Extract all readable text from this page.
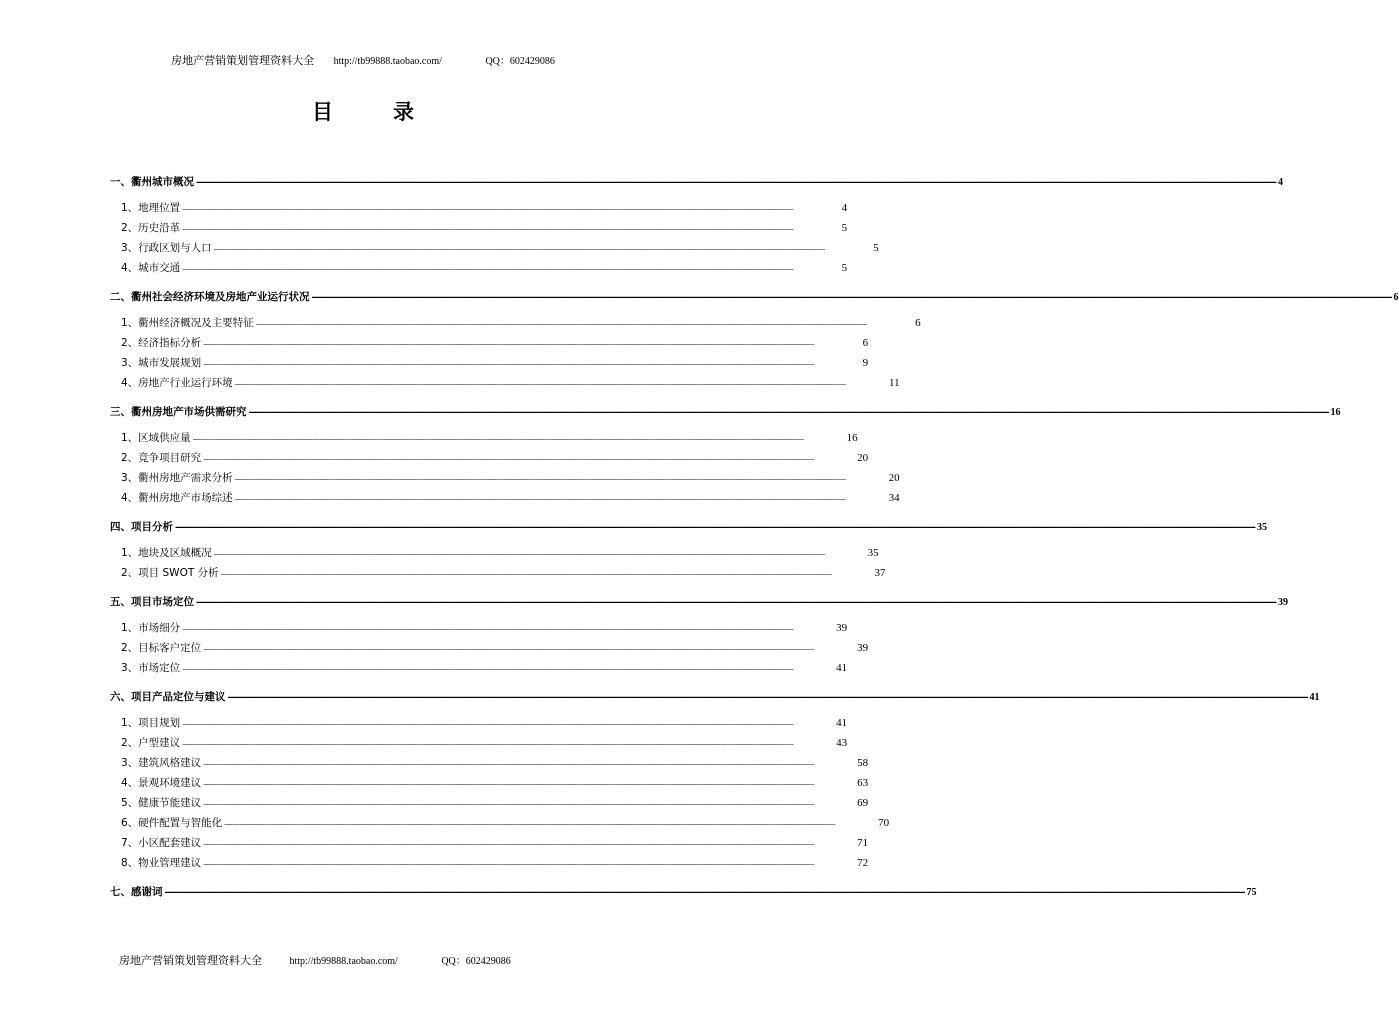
房地产营销策划管理资料大全 http://tb99888.taobao.com/	QQ：602429086
目录
一、衢州城市概况 ———————————————————————————————————————————————————————————————————————————————————————————————————————————————————————— 4
1、地理位置 ----------------------------------------------------------------------------------------------------------------------------------------------------------------------------------------------------------------------------------------------------------------------------------------------------------------------------------------------------------------------------------------------------------------	4
2、历史沿革 ----------------------------------------------------------------------------------------------------------------------------------------------------------------------------------------------------------------------------------------------------------------------------------------------------------------------------------------------------------------------------------------------------------------	5
3、行政区划与人口 ----------------------------------------------------------------------------------------------------------------------------------------------------------------------------------------------------------------------------------------------------------------------------------------------------------------------------------------------------------------------------------------------------------------	5
4、城市交通 ----------------------------------------------------------------------------------------------------------------------------------------------------------------------------------------------------------------------------------------------------------------------------------------------------------------------------------------------------------------------------------------------------------------	5
二、衢州社会经济环境及房地产业运行状况 ———————————————————————————————————————————————————————————————————————————————————————————————————————————————————————— 6
1、衢州经济概况及主要特征 ----------------------------------------------------------------------------------------------------------------------------------------------------------------------------------------------------------------------------------------------------------------------------------------------------------------------------------------------------------------------------------------------------------------	6
2、经济指标分析 ----------------------------------------------------------------------------------------------------------------------------------------------------------------------------------------------------------------------------------------------------------------------------------------------------------------------------------------------------------------------------------------------------------------	6
3、城市发展规划 ----------------------------------------------------------------------------------------------------------------------------------------------------------------------------------------------------------------------------------------------------------------------------------------------------------------------------------------------------------------------------------------------------------------	9
4、房地产行业运行环境 ----------------------------------------------------------------------------------------------------------------------------------------------------------------------------------------------------------------------------------------------------------------------------------------------------------------------------------------------------------------------------------------------------------------	11
三、衢州房地产市场供需研究 ———————————————————————————————————————————————————————————————————————————————————————————————————————————————————————— 16
1、区域供应量 ----------------------------------------------------------------------------------------------------------------------------------------------------------------------------------------------------------------------------------------------------------------------------------------------------------------------------------------------------------------------------------------------------------------	16
2、竞争项目研究 ----------------------------------------------------------------------------------------------------------------------------------------------------------------------------------------------------------------------------------------------------------------------------------------------------------------------------------------------------------------------------------------------------------------	20
3、衢州房地产需求分析 ----------------------------------------------------------------------------------------------------------------------------------------------------------------------------------------------------------------------------------------------------------------------------------------------------------------------------------------------------------------------------------------------------------------	20
4、衢州房地产市场综述 ----------------------------------------------------------------------------------------------------------------------------------------------------------------------------------------------------------------------------------------------------------------------------------------------------------------------------------------------------------------------------------------------------------------	34
四、项目分析 ———————————————————————————————————————————————————————————————————————————————————————————————————————————————————————— 35
1、地块及区域概况 ----------------------------------------------------------------------------------------------------------------------------------------------------------------------------------------------------------------------------------------------------------------------------------------------------------------------------------------------------------------------------------------------------------------	35
2、项目 SWOT 分析 ----------------------------------------------------------------------------------------------------------------------------------------------------------------------------------------------------------------------------------------------------------------------------------------------------------------------------------------------------------------------------------------------------------------	37
五、项目市场定位 ———————————————————————————————————————————————————————————————————————————————————————————————————————————————————————— 39
1、市场细分 ----------------------------------------------------------------------------------------------------------------------------------------------------------------------------------------------------------------------------------------------------------------------------------------------------------------------------------------------------------------------------------------------------------------	39
2、目标客户定位 ----------------------------------------------------------------------------------------------------------------------------------------------------------------------------------------------------------------------------------------------------------------------------------------------------------------------------------------------------------------------------------------------------------------	39
3、市场定位 ----------------------------------------------------------------------------------------------------------------------------------------------------------------------------------------------------------------------------------------------------------------------------------------------------------------------------------------------------------------------------------------------------------------	41
六、项目产品定位与建议 ———————————————————————————————————————————————————————————————————————————————————————————————————————————————————————— 41
1、项目规划 ----------------------------------------------------------------------------------------------------------------------------------------------------------------------------------------------------------------------------------------------------------------------------------------------------------------------------------------------------------------------------------------------------------------	41
2、户型建议 ----------------------------------------------------------------------------------------------------------------------------------------------------------------------------------------------------------------------------------------------------------------------------------------------------------------------------------------------------------------------------------------------------------------	43
3、建筑风格建议 ----------------------------------------------------------------------------------------------------------------------------------------------------------------------------------------------------------------------------------------------------------------------------------------------------------------------------------------------------------------------------------------------------------------	58
4、景观环境建议 ----------------------------------------------------------------------------------------------------------------------------------------------------------------------------------------------------------------------------------------------------------------------------------------------------------------------------------------------------------------------------------------------------------------	63
5、健康节能建议 ----------------------------------------------------------------------------------------------------------------------------------------------------------------------------------------------------------------------------------------------------------------------------------------------------------------------------------------------------------------------------------------------------------------	69
6、硬件配置与智能化 ----------------------------------------------------------------------------------------------------------------------------------------------------------------------------------------------------------------------------------------------------------------------------------------------------------------------------------------------------------------------------------------------------------------	70
7、小区配套建议 ----------------------------------------------------------------------------------------------------------------------------------------------------------------------------------------------------------------------------------------------------------------------------------------------------------------------------------------------------------------------------------------------------------------	71
8、物业管理建议 ----------------------------------------------------------------------------------------------------------------------------------------------------------------------------------------------------------------------------------------------------------------------------------------------------------------------------------------------------------------------------------------------------------------	72
七、感谢词 ———————————————————————————————————————————————————————————————————————————————————————————————————————————————————————— 75
房地产营销策划管理资料大全	http://tb99888.taobao.com/	QQ：602429086
